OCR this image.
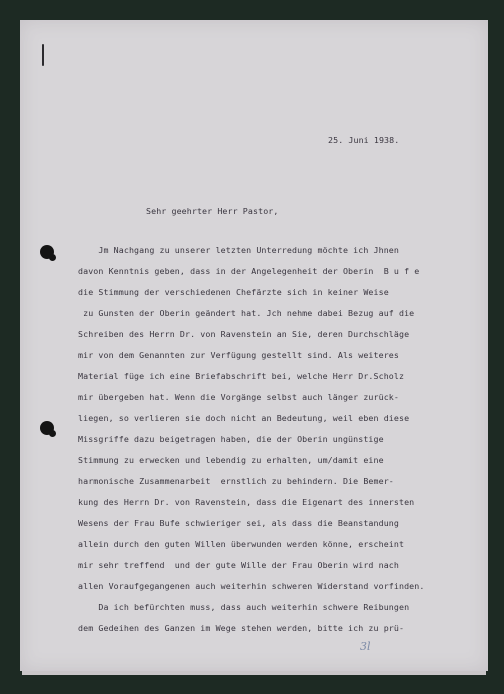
25. Juni 1938.
Sehr geehrter Herr Pastor,
Jm Nachgang zu unserer letzten Unterredung möchte ich Jhnen
davon Kenntnis geben, dass in der Angelegenheit der Oberin  B u f e
die Stimmung der verschiedenen Chefärzte sich in keiner Weise
zu Gunsten der Oberin geändert hat. Jch nehme dabei Bezug auf die
Schreiben des Herrn Dr. von Ravenstein an Sie, deren Durchschläge
mir von dem Genannten zur Verfügung gestellt sind. Als weiteres
Material füge ich eine Briefabschrift bei, welche Herr Dr.Scholz
mir übergeben hat. Wenn die Vorgänge selbst auch länger zurück-
liegen, so verlieren sie doch nicht an Bedeutung, weil eben diese
Missgriffe dazu beigetragen haben, die der Oberin ungünstige
Stimmung zu erwecken und lebendig zu erhalten, um/damit eine
harmonische Zusammenarbeit  ernstlich zu behindern. Die Bemer-
kung des Herrn Dr. von Ravenstein, dass die Eigenart des innersten
Wesens der Frau Bufe schwieriger sei, als dass die Beanstandung
allein durch den guten Willen überwunden werden könne, erscheint
mir sehr treffend  und der gute Wille der Frau Oberin wird nach
allen Voraufgegangenen auch weiterhin schweren Widerstand vorfinden.
Da ich befürchten muss, dass auch weiterhin schwere Reibungen
dem Gedeihen des Ganzen im Wege stehen werden, bitte ich zu prü-
3l
